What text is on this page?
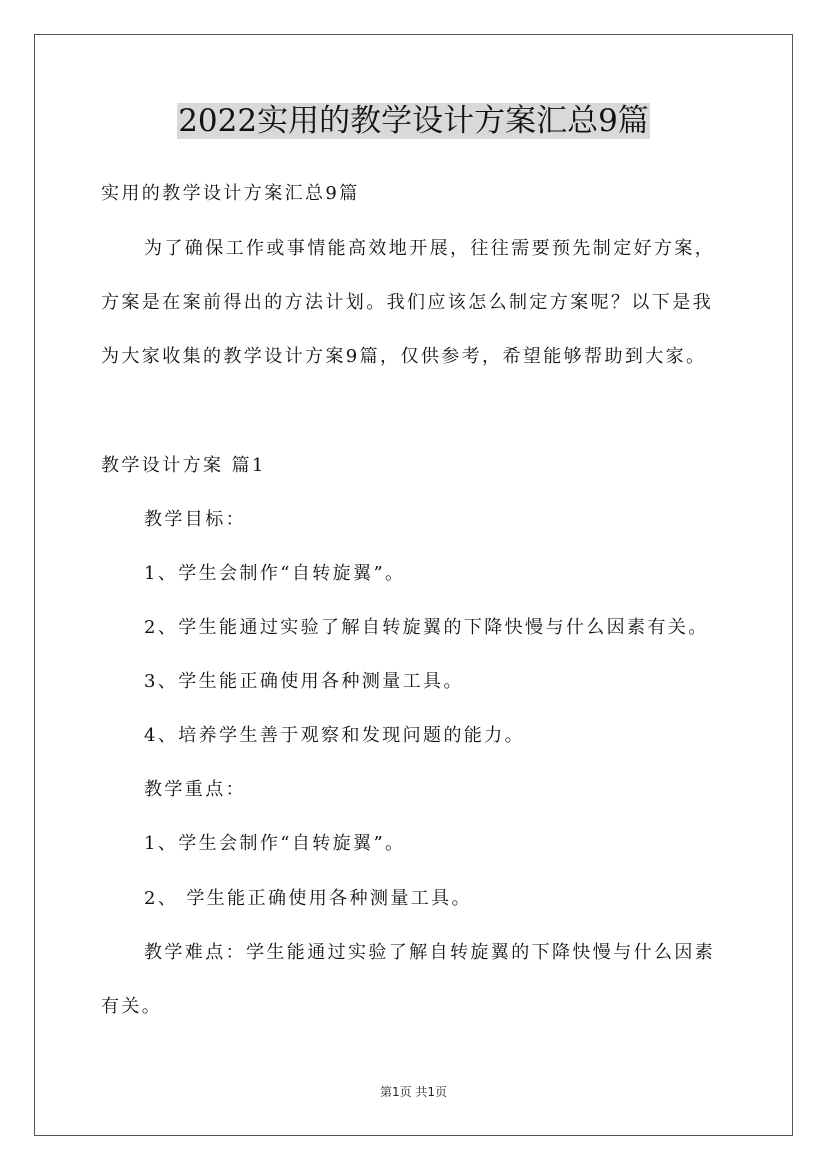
2022实用的教学设计方案汇总9篇
实用的教学设计方案汇总9篇
为了确保工作或事情能高效地开展，往往需要预先制定好方案，
方案是在案前得出的方法计划。我们应该怎么制定方案呢？以下是我
为大家收集的教学设计方案9篇，仅供参考，希望能够帮助到大家。
教学设计方案 篇1
教学目标：
1、学生会制作“自转旋翼”。
2、学生能通过实验了解自转旋翼的下降快慢与什么因素有关。
3、学生能正确使用各种测量工具。
4、培养学生善于观察和发现问题的能力。
教学重点：
1、学生会制作“自转旋翼”。
2、 学生能正确使用各种测量工具。
教学难点：学生能通过实验了解自转旋翼的下降快慢与什么因素
有关。
第1页 共1页
